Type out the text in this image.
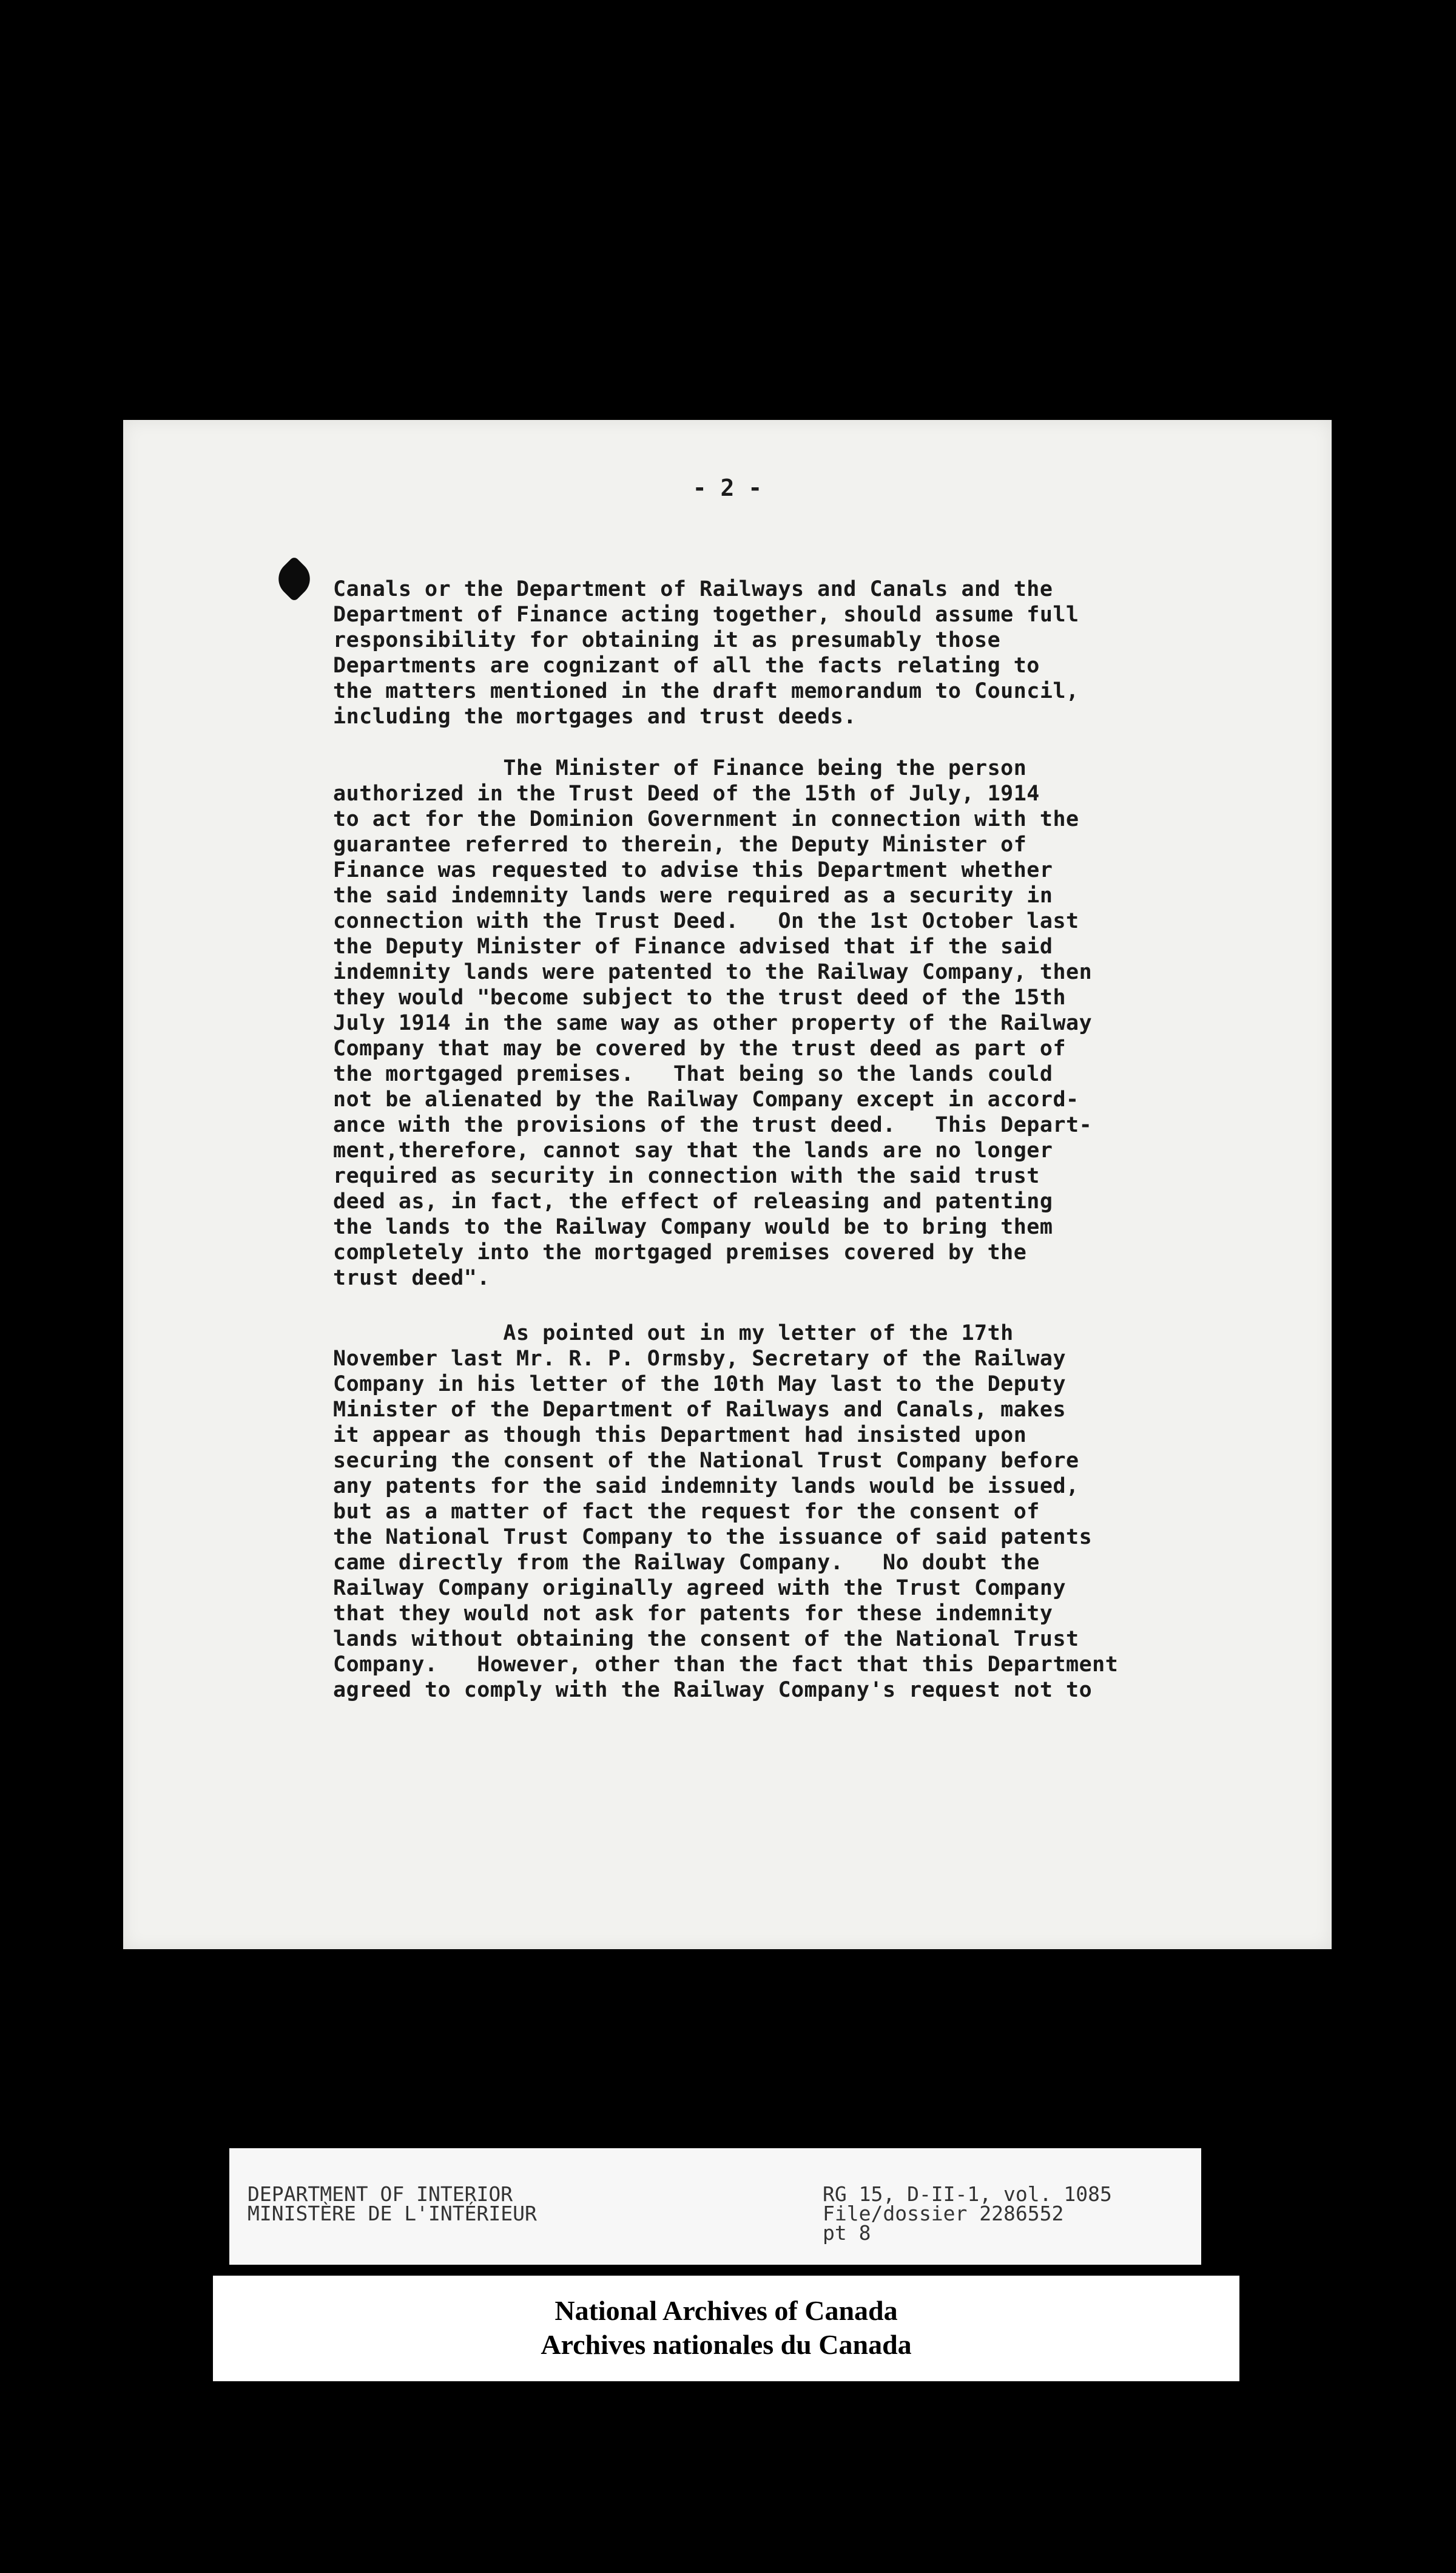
- 2 -
Canals or the Department of Railways and Canals and the
Department of Finance acting together, should assume full
responsibility for obtaining it as presumably those
Departments are cognizant of all the facts relating to
the matters mentioned in the draft memorandum to Council,
including the mortgages and trust deeds.
The Minister of Finance being the person
authorized in the Trust Deed of the 15th of July, 1914
to act for the Dominion Government in connection with the
guarantee referred to therein, the Deputy Minister of
Finance was requested to advise this Department whether
the said indemnity lands were required as a security in
connection with the Trust Deed.   On the 1st October last
the Deputy Minister of Finance advised that if the said
indemnity lands were patented to the Railway Company, then
they would "become subject to the trust deed of the 15th
July 1914 in the same way as other property of the Railway
Company that may be covered by the trust deed as part of
the mortgaged premises.   That being so the lands could
not be alienated by the Railway Company except in accord-
ance with the provisions of the trust deed.   This Depart-
ment,therefore, cannot say that the lands are no longer
required as security in connection with the said trust
deed as, in fact, the effect of releasing and patenting
the lands to the Railway Company would be to bring them
completely into the mortgaged premises covered by the
trust deed".
As pointed out in my letter of the 17th
November last Mr. R. P. Ormsby, Secretary of the Railway
Company in his letter of the 10th May last to the Deputy
Minister of the Department of Railways and Canals, makes
it appear as though this Department had insisted upon
securing the consent of the National Trust Company before
any patents for the said indemnity lands would be issued,
but as a matter of fact the request for the consent of
the National Trust Company to the issuance of said patents
came directly from the Railway Company.   No doubt the
Railway Company originally agreed with the Trust Company
that they would not ask for patents for these indemnity
lands without obtaining the consent of the National Trust
Company.   However, other than the fact that this Department
agreed to comply with the Railway Company's request not to
DEPARTMENT OF INTERIOR
MINISTÈRE DE L'INTÉRIEUR
RG 15, D-II-1, vol. 1085
File/dossier 2286552
pt 8
National Archives of Canada
Archives nationales du Canada
